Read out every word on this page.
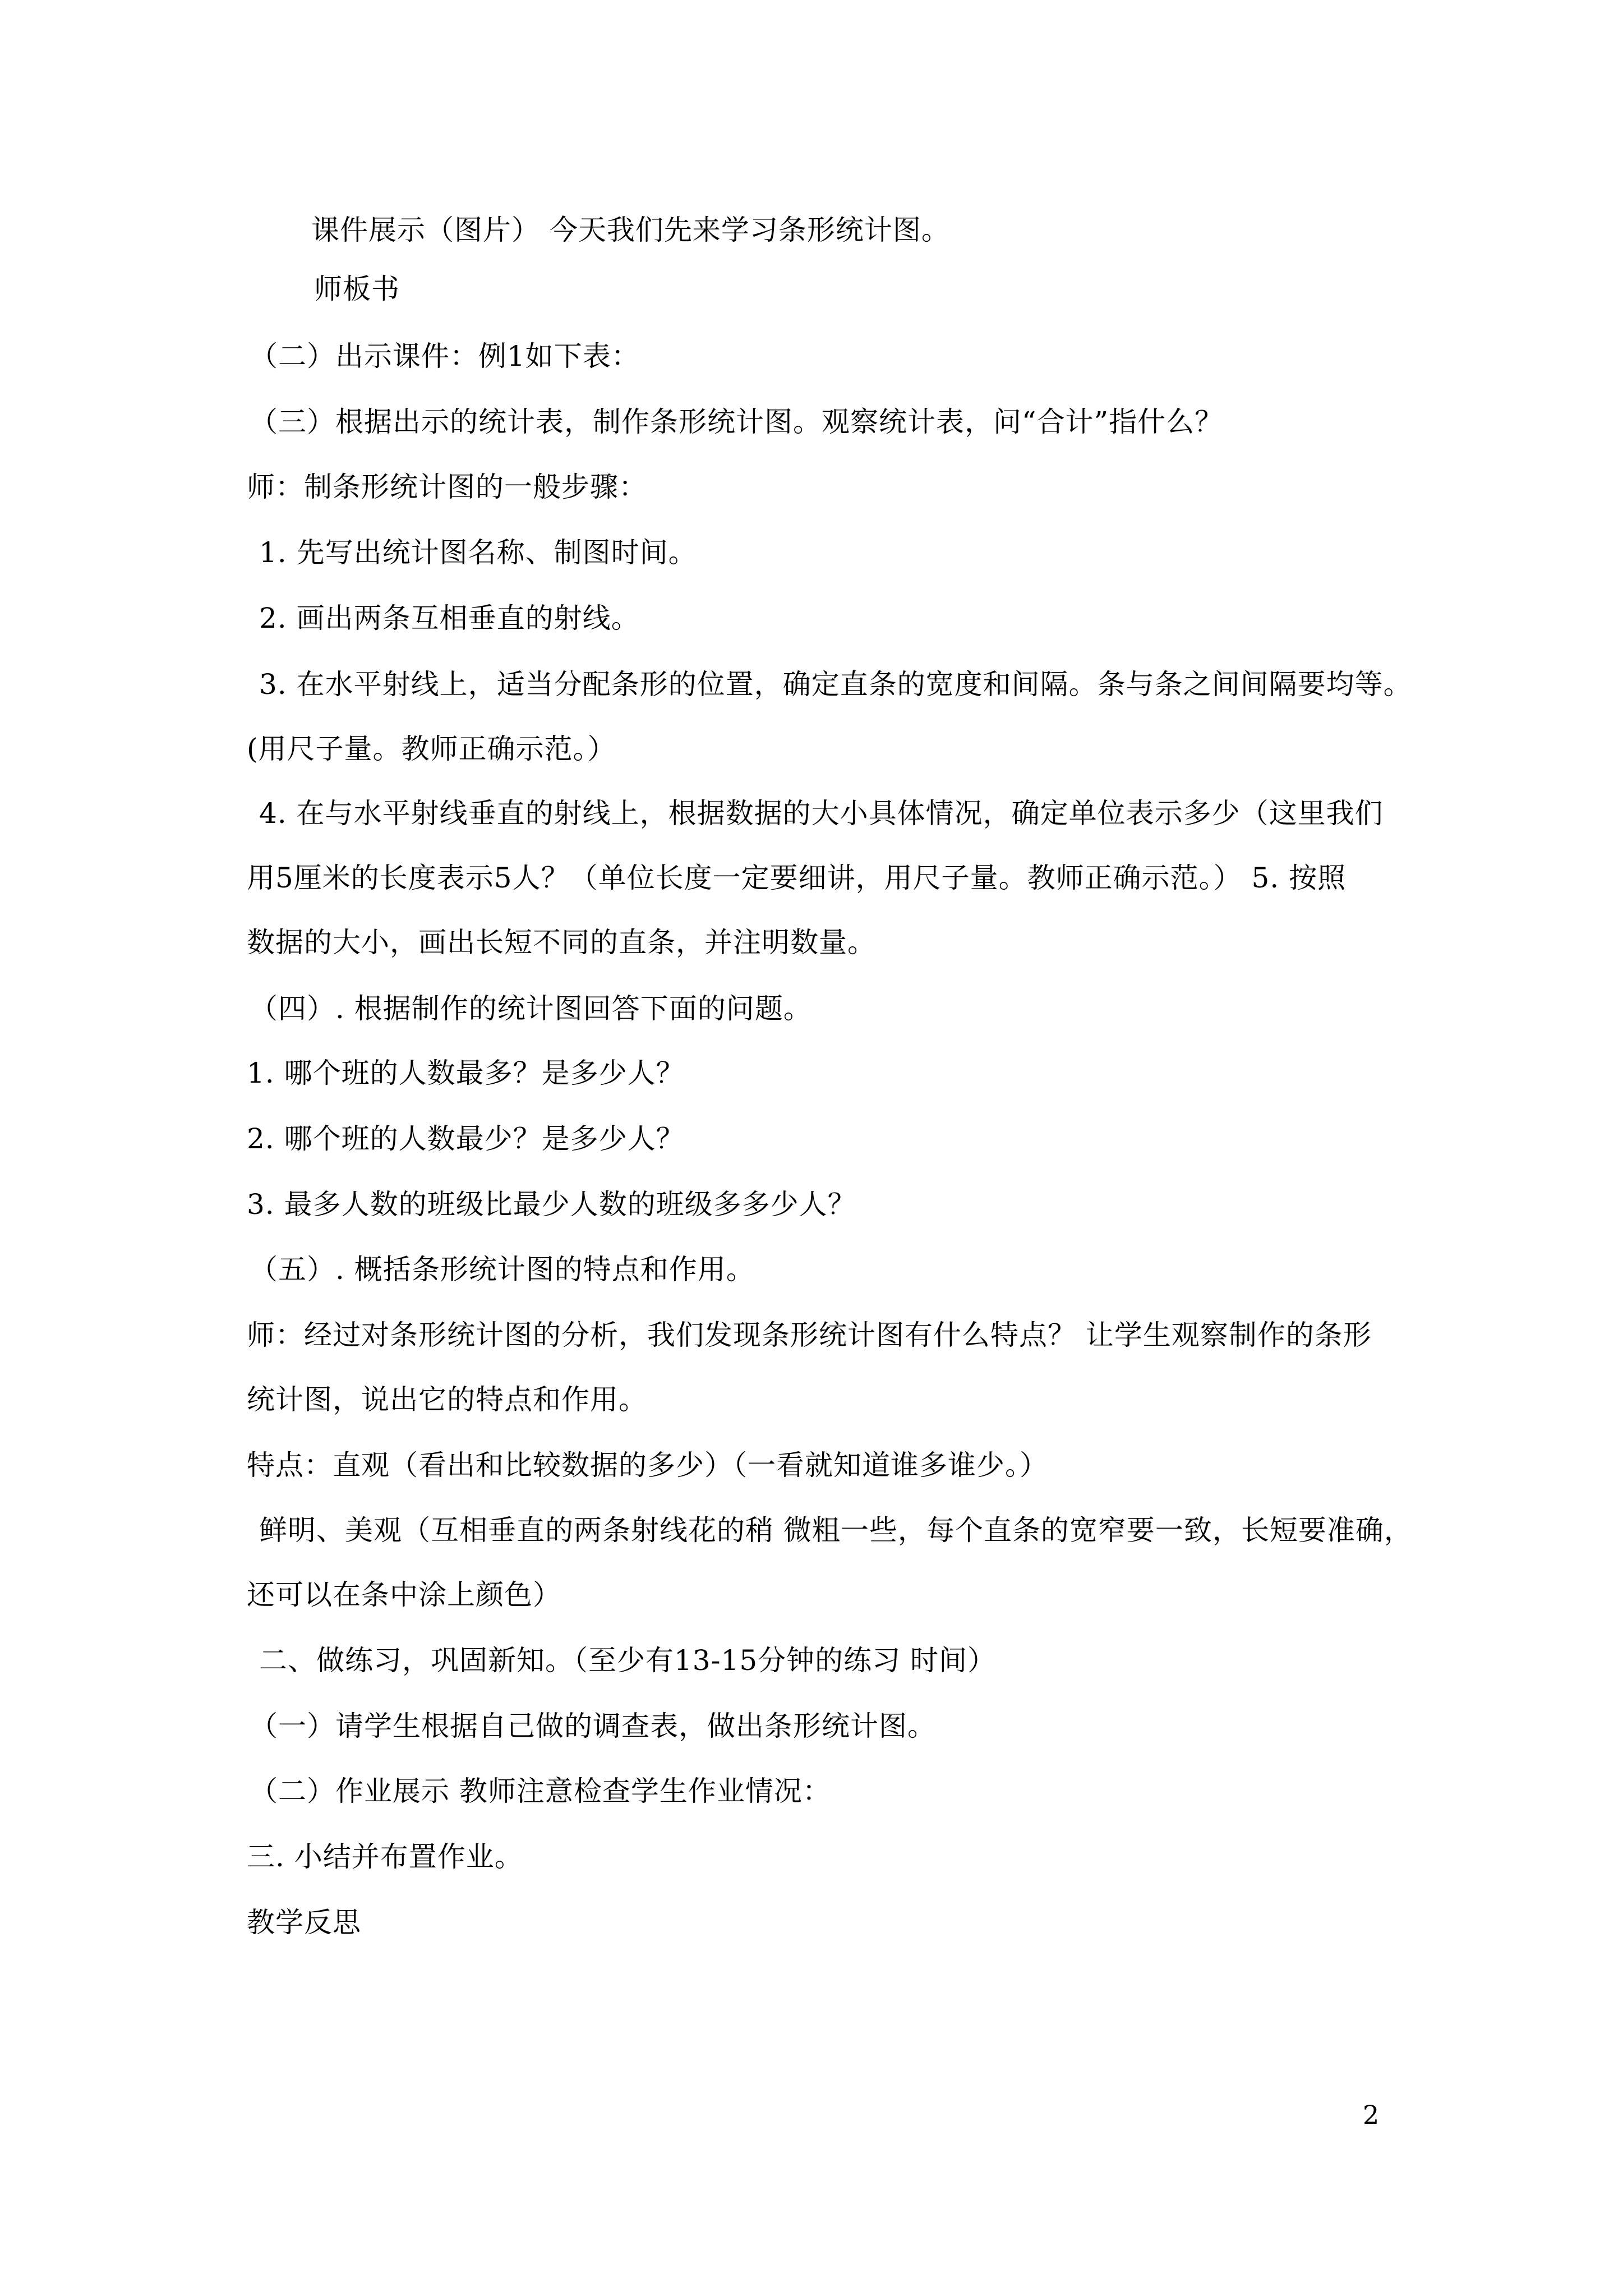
课件展示（图片） 今天我们先来学习条形统计图。
师板书
（二）出示课件：例1如下表：
（三）根据出示的统计表，制作条形统计图。观察统计表，问“合计”指什么？
师：制条形统计图的一般步骤：
1. 先写出统计图名称、制图时间。
2. 画出两条互相垂直的射线。
3. 在水平射线上，适当分配条形的位置，确定直条的宽度和间隔。条与条之间间隔要均等。
(用尺子量。教师正确示范。）
4. 在与水平射线垂直的射线上，根据数据的大小具体情况，确定单位表示多少（这里我们
用5厘米的长度表示5人？（单位长度一定要细讲，用尺子量。教师正确示范。） 5. 按照
数据的大小，画出长短不同的直条，并注明数量。
（四）. 根据制作的统计图回答下面的问题。
1. 哪个班的人数最多？是多少人？
2. 哪个班的人数最少？是多少人？
3. 最多人数的班级比最少人数的班级多多少人？
（五）. 概括条形统计图的特点和作用。
师：经过对条形统计图的分析，我们发现条形统计图有什么特点？ 让学生观察制作的条形
统计图，说出它的特点和作用。
特点：直观（看出和比较数据的多少）（一看就知道谁多谁少。）
鲜明、美观（互相垂直的两条射线花的稍 微粗一些，每个直条的宽窄要一致，长短要准确，
还可以在条中涂上颜色）
二、做练习，巩固新知。（至少有13-15分钟的练习 时间）
（一）请学生根据自己做的调查表，做出条形统计图。
（二）作业展示 教师注意检查学生作业情况：
三. 小结并布置作业。
教学反思
2
